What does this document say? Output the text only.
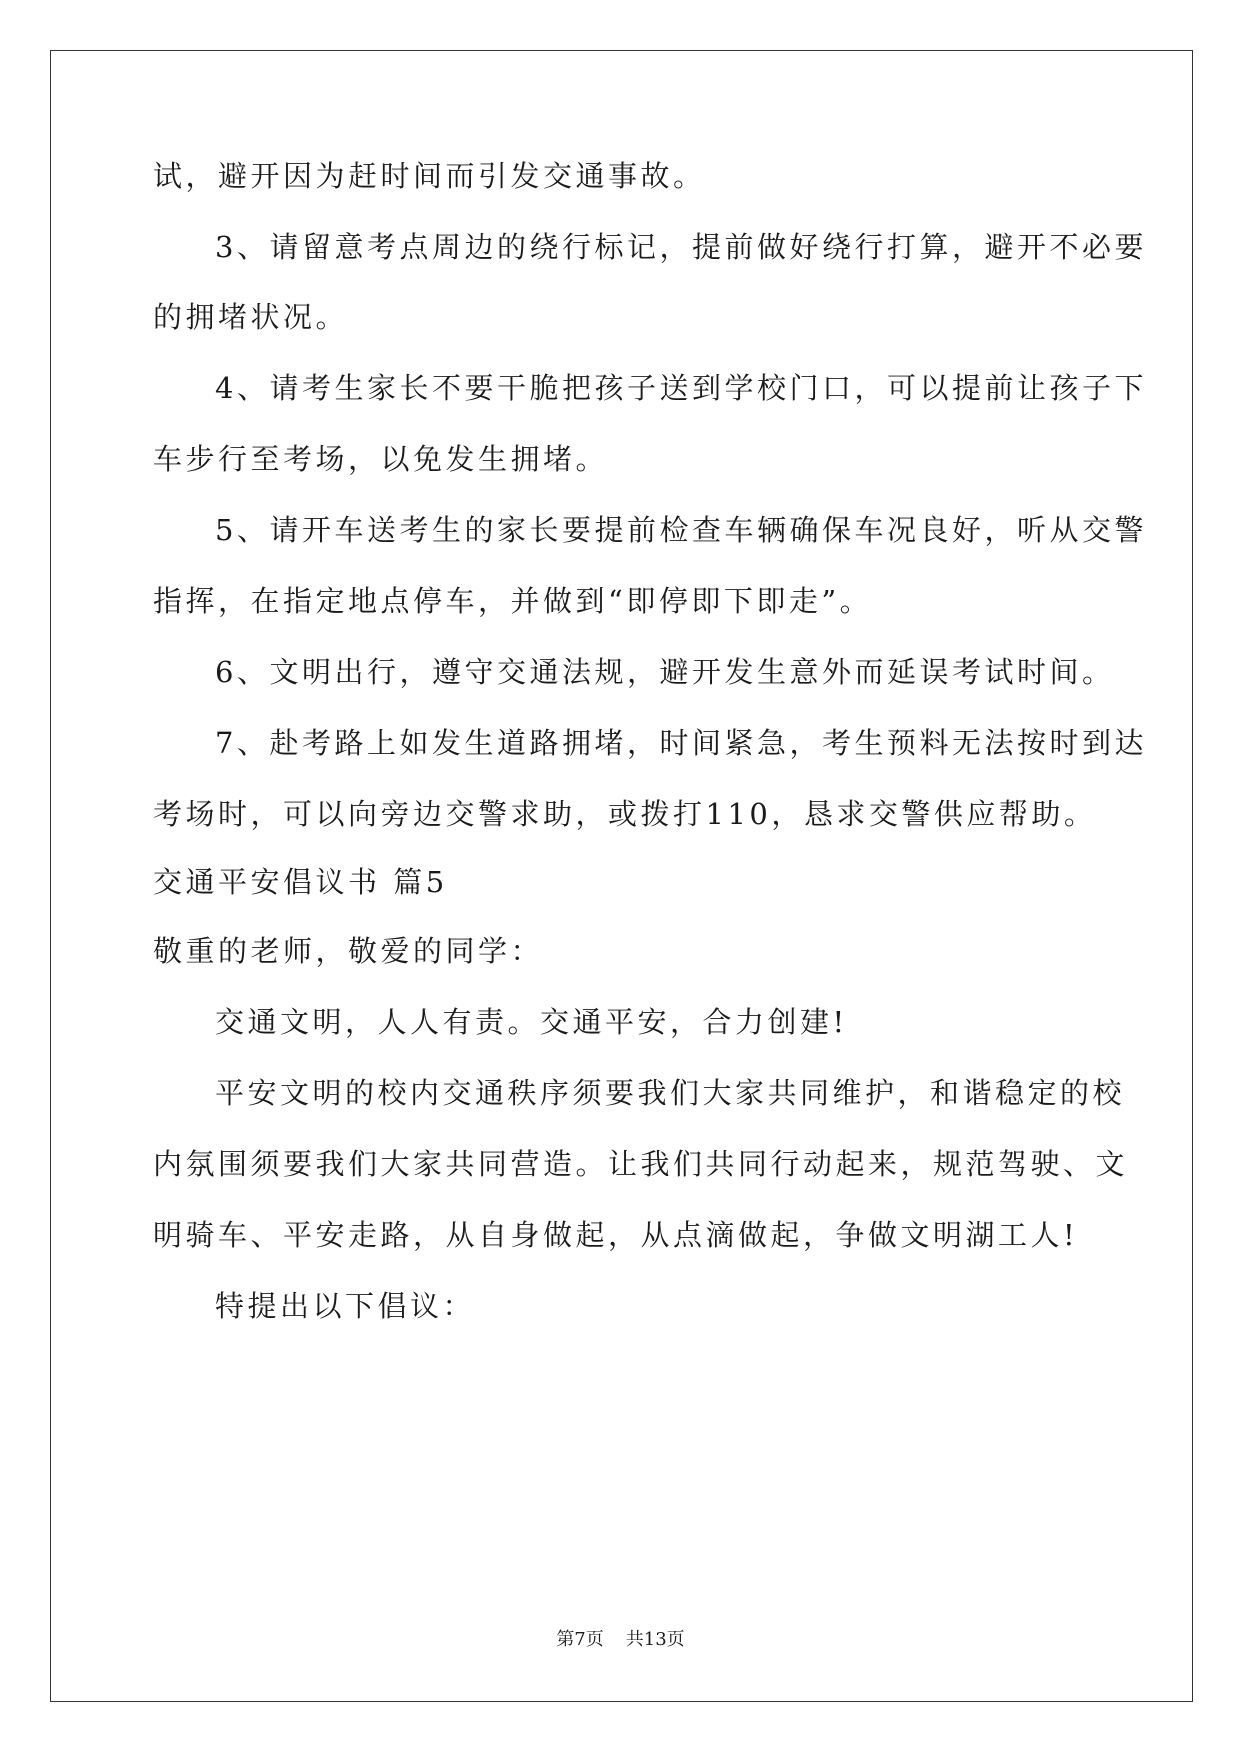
试，避开因为赶时间而引发交通事故。
3、请留意考点周边的绕行标记，提前做好绕行打算，避开不必要
的拥堵状况。
4、请考生家长不要干脆把孩子送到学校门口，可以提前让孩子下
车步行至考场，以免发生拥堵。
5、请开车送考生的家长要提前检查车辆确保车况良好，听从交警
指挥，在指定地点停车，并做到“即停即下即走”。
6、文明出行，遵守交通法规，避开发生意外而延误考试时间。
7、赴考路上如发生道路拥堵，时间紧急，考生预料无法按时到达
考场时，可以向旁边交警求助，或拨打110，恳求交警供应帮助。
交通平安倡议书 篇5
敬重的老师，敬爱的同学：
交通文明，人人有责。交通平安，合力创建!
平安文明的校内交通秩序须要我们大家共同维护，和谐稳定的校
内氛围须要我们大家共同营造。让我们共同行动起来，规范驾驶、文
明骑车、平安走路，从自身做起，从点滴做起，争做文明湖工人!
特提出以下倡议：
第7页 共13页
